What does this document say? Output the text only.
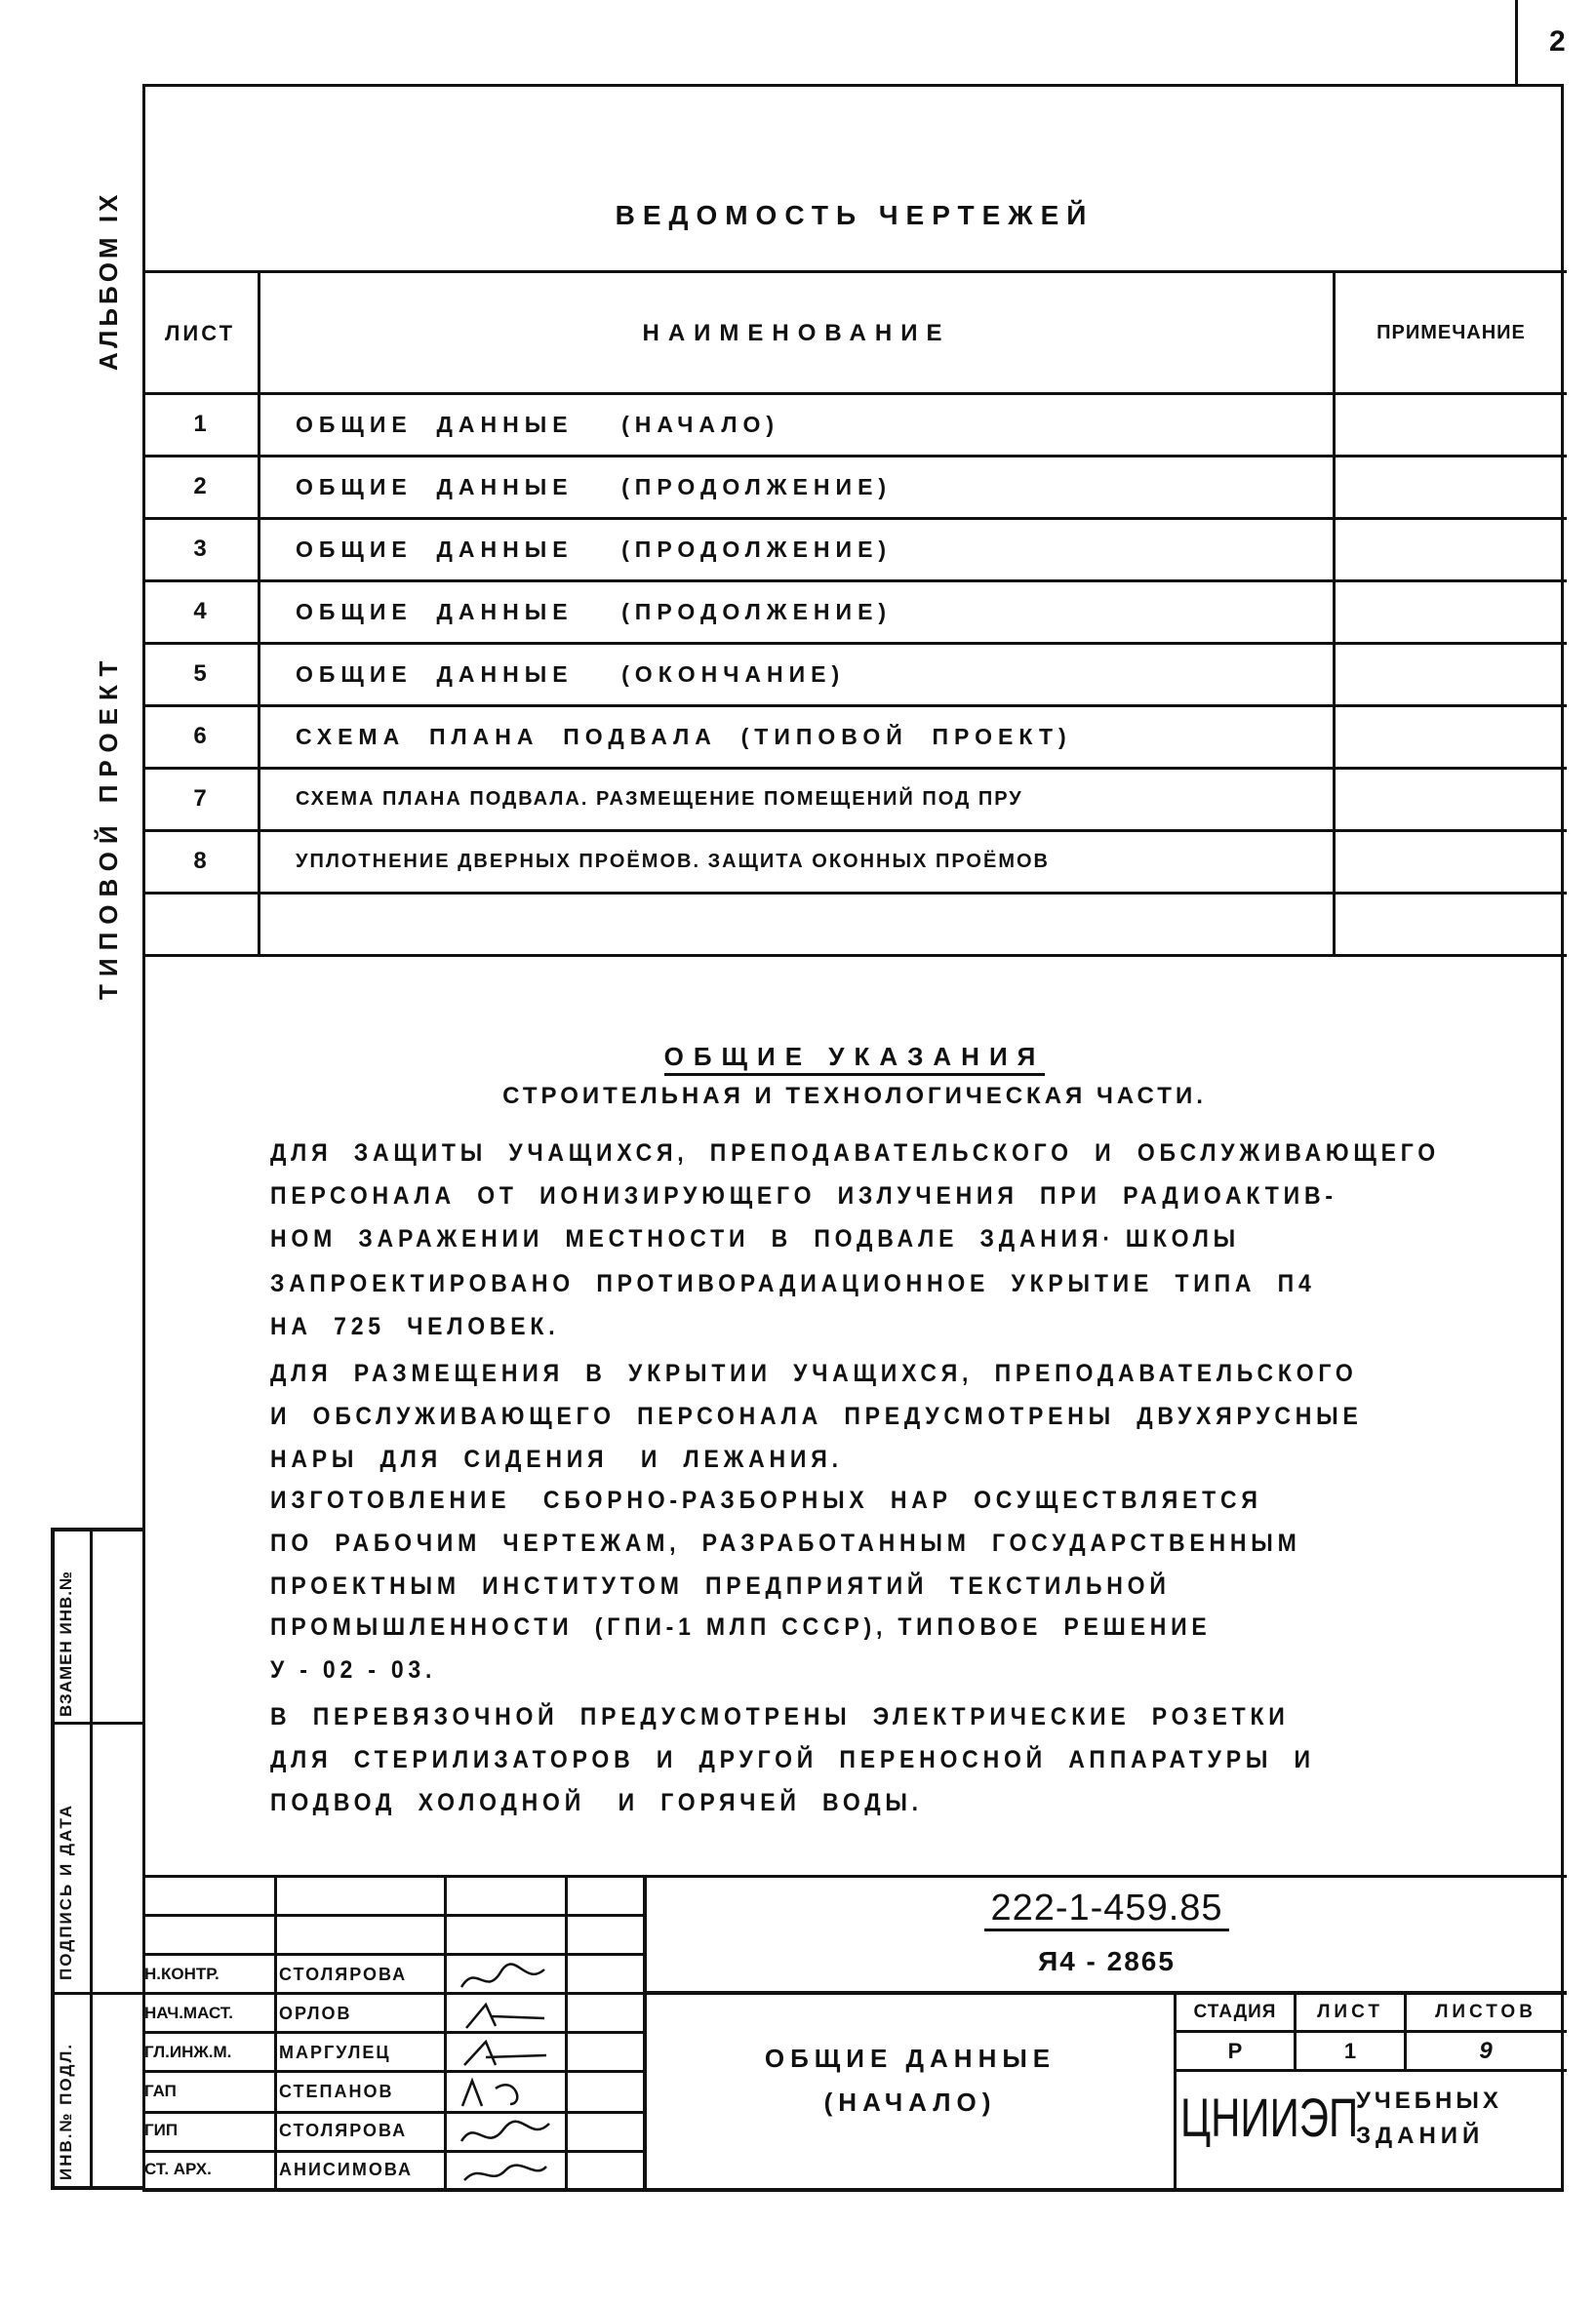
2
АЛЬБОМ IX
ТИПОВОЙ ПРОЕКТ
ВЗАМЕН ИНВ.№
ПОДПИСЬ И ДАТА
ИНВ.№ ПОДЛ.
ВЕДОМОСТЬ ЧЕРТЕЖЕЙ
ЛИСТ	НАИМЕНОВАНИЕ	ПРИМЕЧАНИЕ
1	ОБЩИЕ  ДАННЫЕ    (НАЧАЛО)
2	ОБЩИЕ  ДАННЫЕ    (ПРОДОЛЖЕНИЕ)
3	ОБЩИЕ  ДАННЫЕ    (ПРОДОЛЖЕНИЕ)
4	ОБЩИЕ  ДАННЫЕ    (ПРОДОЛЖЕНИЕ)
5	ОБЩИЕ  ДАННЫЕ    (ОКОНЧАНИЕ)
6	СХЕМА  ПЛАНА  ПОДВАЛА  (ТИПОВОЙ  ПРОЕКТ)
7	СХЕМА ПЛАНА ПОДВАЛА. РАЗМЕЩЕНИЕ ПОМЕЩЕНИЙ ПОД ПРУ
8	УПЛОТНЕНИЕ ДВЕРНЫХ ПРОЁМОВ. ЗАЩИТА ОКОННЫХ ПРОЁМОВ
ОБЩИЕ УКАЗАНИЯ
СТРОИТЕЛЬНАЯ И ТЕХНОЛОГИЧЕСКАЯ ЧАСТИ.
ДЛЯ  ЗАЩИТЫ  УЧАЩИХСЯ,  ПРЕПОДАВАТЕЛЬСКОГО  И  ОБСЛУЖИВАЮЩЕГО
ПЕРСОНАЛА  ОТ  ИОНИЗИРУЮЩЕГО  ИЗЛУЧЕНИЯ  ПРИ  РАДИОАКТИВ-
НОМ  ЗАРАЖЕНИИ  МЕСТНОСТИ  В  ПОДВАЛЕ  ЗДАНИЯ· ШКОЛЫ
ЗАПРОЕКТИРОВАНО  ПРОТИВОРАДИАЦИОННОЕ  УКРЫТИЕ  ТИПА  П4
НА  725  ЧЕЛОВЕК.
ДЛЯ  РАЗМЕЩЕНИЯ  В  УКРЫТИИ  УЧАЩИХСЯ,  ПРЕПОДАВАТЕЛЬСКОГО
И  ОБСЛУЖИВАЮЩЕГО  ПЕРСОНАЛА  ПРЕДУСМОТРЕНЫ  ДВУХЯРУСНЫЕ
НАРЫ  ДЛЯ  СИДЕНИЯ   И  ЛЕЖАНИЯ.
ИЗГОТОВЛЕНИЕ   СБОРНО-РАЗБОРНЫХ  НАР  ОСУЩЕСТВЛЯЕТСЯ
ПО  РАБОЧИМ  ЧЕРТЕЖАМ,  РАЗРАБОТАННЫМ  ГОСУДАРСТВЕННЫМ
ПРОЕКТНЫМ  ИНСТИТУТОМ  ПРЕДПРИЯТИЙ  ТЕКСТИЛЬНОЙ
ПРОМЫШЛЕННОСТИ  (ГПИ-1 МЛП СССР), ТИПОВОЕ  РЕШЕНИЕ
У - 02 - 03.
В  ПЕРЕВЯЗОЧНОЙ  ПРЕДУСМОТРЕНЫ  ЭЛЕКТРИЧЕСКИЕ  РОЗЕТКИ
ДЛЯ  СТЕРИЛИЗАТОРОВ  И  ДРУГОЙ  ПЕРЕНОСНОЙ  АППАРАТУРЫ  И
ПОДВОД  ХОЛОДНОЙ   И  ГОРЯЧЕЙ  ВОДЫ.
Н.КОНТР.	СТОЛЯРОВА
НАЧ.МАСТ.	ОРЛОВ
ГЛ.ИНЖ.М.	МАРГУЛЕЦ
ГАП	СТЕПАНОВ
ГИП	СТОЛЯРОВА
СТ. АРХ.	АНИСИМОВА
222-1-459.85
Я4 - 2865
ОБЩИЕ ДАННЫЕ
(НАЧАЛО)
СТАДИЯ	ЛИСТ	ЛИСТОВ
Р	1	9
ЦНИИЭП
УЧЕБНЫХ
ЗДАНИЙ
